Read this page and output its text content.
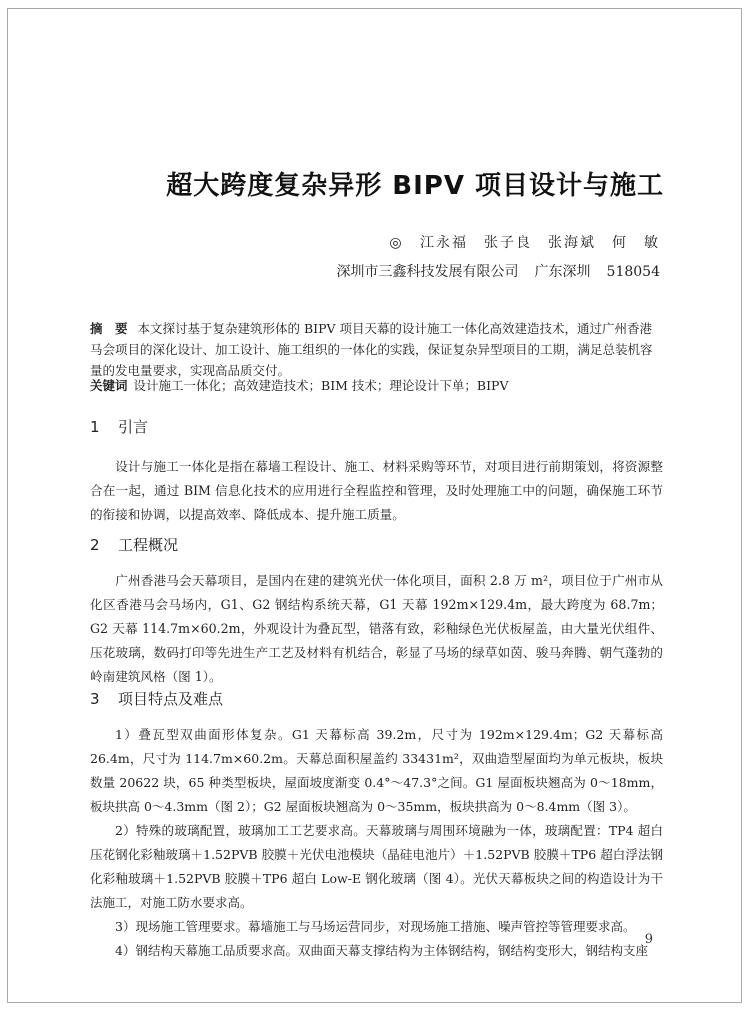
超大跨度复杂异形 BIPV 项目设计与施工
◎ 江永福　张子良　张海斌　何　敏
深圳市三鑫科技发展有限公司 广东深圳 518054
摘　要 本文探讨基于复杂建筑形体的 BIPV 项目天幕的设计施工一体化高效建造技术，通过广州香港马会项目的深化设计、加工设计、施工组织的一体化的实践，保证复杂异型项目的工期，满足总装机容量的发电量要求，实现高品质交付。
关键词 设计施工一体化；高效建造技术；BIM 技术；理论设计下单；BIPV
1 引言
设计与施工一体化是指在幕墙工程设计、施工、材料采购等环节，对项目进行前期策划，将资源整合在一起，通过 BIM 信息化技术的应用进行全程监控和管理，及时处理施工中的问题，确保施工环节的衔接和协调，以提高效率、降低成本、提升施工质量。
2 工程概况
广州香港马会天幕项目，是国内在建的建筑光伏一体化项目，面积 2.8 万 m²，项目位于广州市从化区香港马会马场内，G1、G2 钢结构系统天幕，G1 天幕 192m×129.4m，最大跨度为 68.7m；G2 天幕 114.7m×60.2m，外观设计为叠瓦型，错落有致，彩釉绿色光伏板屋盖，由大量光伏组件、压花玻璃，数码打印等先进生产工艺及材料有机结合，彰显了马场的绿草如茵、骏马奔腾、朝气蓬勃的岭南建筑风格（图 1）。
3 项目特点及难点

1）叠瓦型双曲面形体复杂。G1 天幕标高 39.2m，尺寸为 192m×129.4m；G2 天幕标高 26.4m，尺寸为 114.7m×60.2m。天幕总面积屋盖约 33431m²，双曲造型屋面均为单元板块，板块数量 20622 块，65 种类型板块，屋面坡度渐变 0.4°～47.3°之间。G1 屋面板块翘高为 0～18mm，板块拱高 0～4.3mm（图 2）；G2 屋面板块翘高为 0～35mm，板块拱高为 0～8.4mm（图 3）。

2）特殊的玻璃配置，玻璃加工工艺要求高。天幕玻璃与周围环境融为一体，玻璃配置：TP4 超白压花钢化彩釉玻璃＋1.52PVB 胶膜＋光伏电池模块（晶硅电池片）＋1.52PVB 胶膜＋TP6 超白浮法钢化彩釉玻璃＋1.52PVB 胶膜＋TP6 超白 Low-E 钢化玻璃（图 4）。光伏天幕板块之间的构造设计为干法施工，对施工防水要求高。

3）现场施工管理要求。幕墙施工与马场运营同步，对现场施工措施、噪声管控等管理要求高。

4）钢结构天幕施工品质要求高。双曲面天幕支撑结构为主体钢结构，钢结构变形大，钢结构支座

9
